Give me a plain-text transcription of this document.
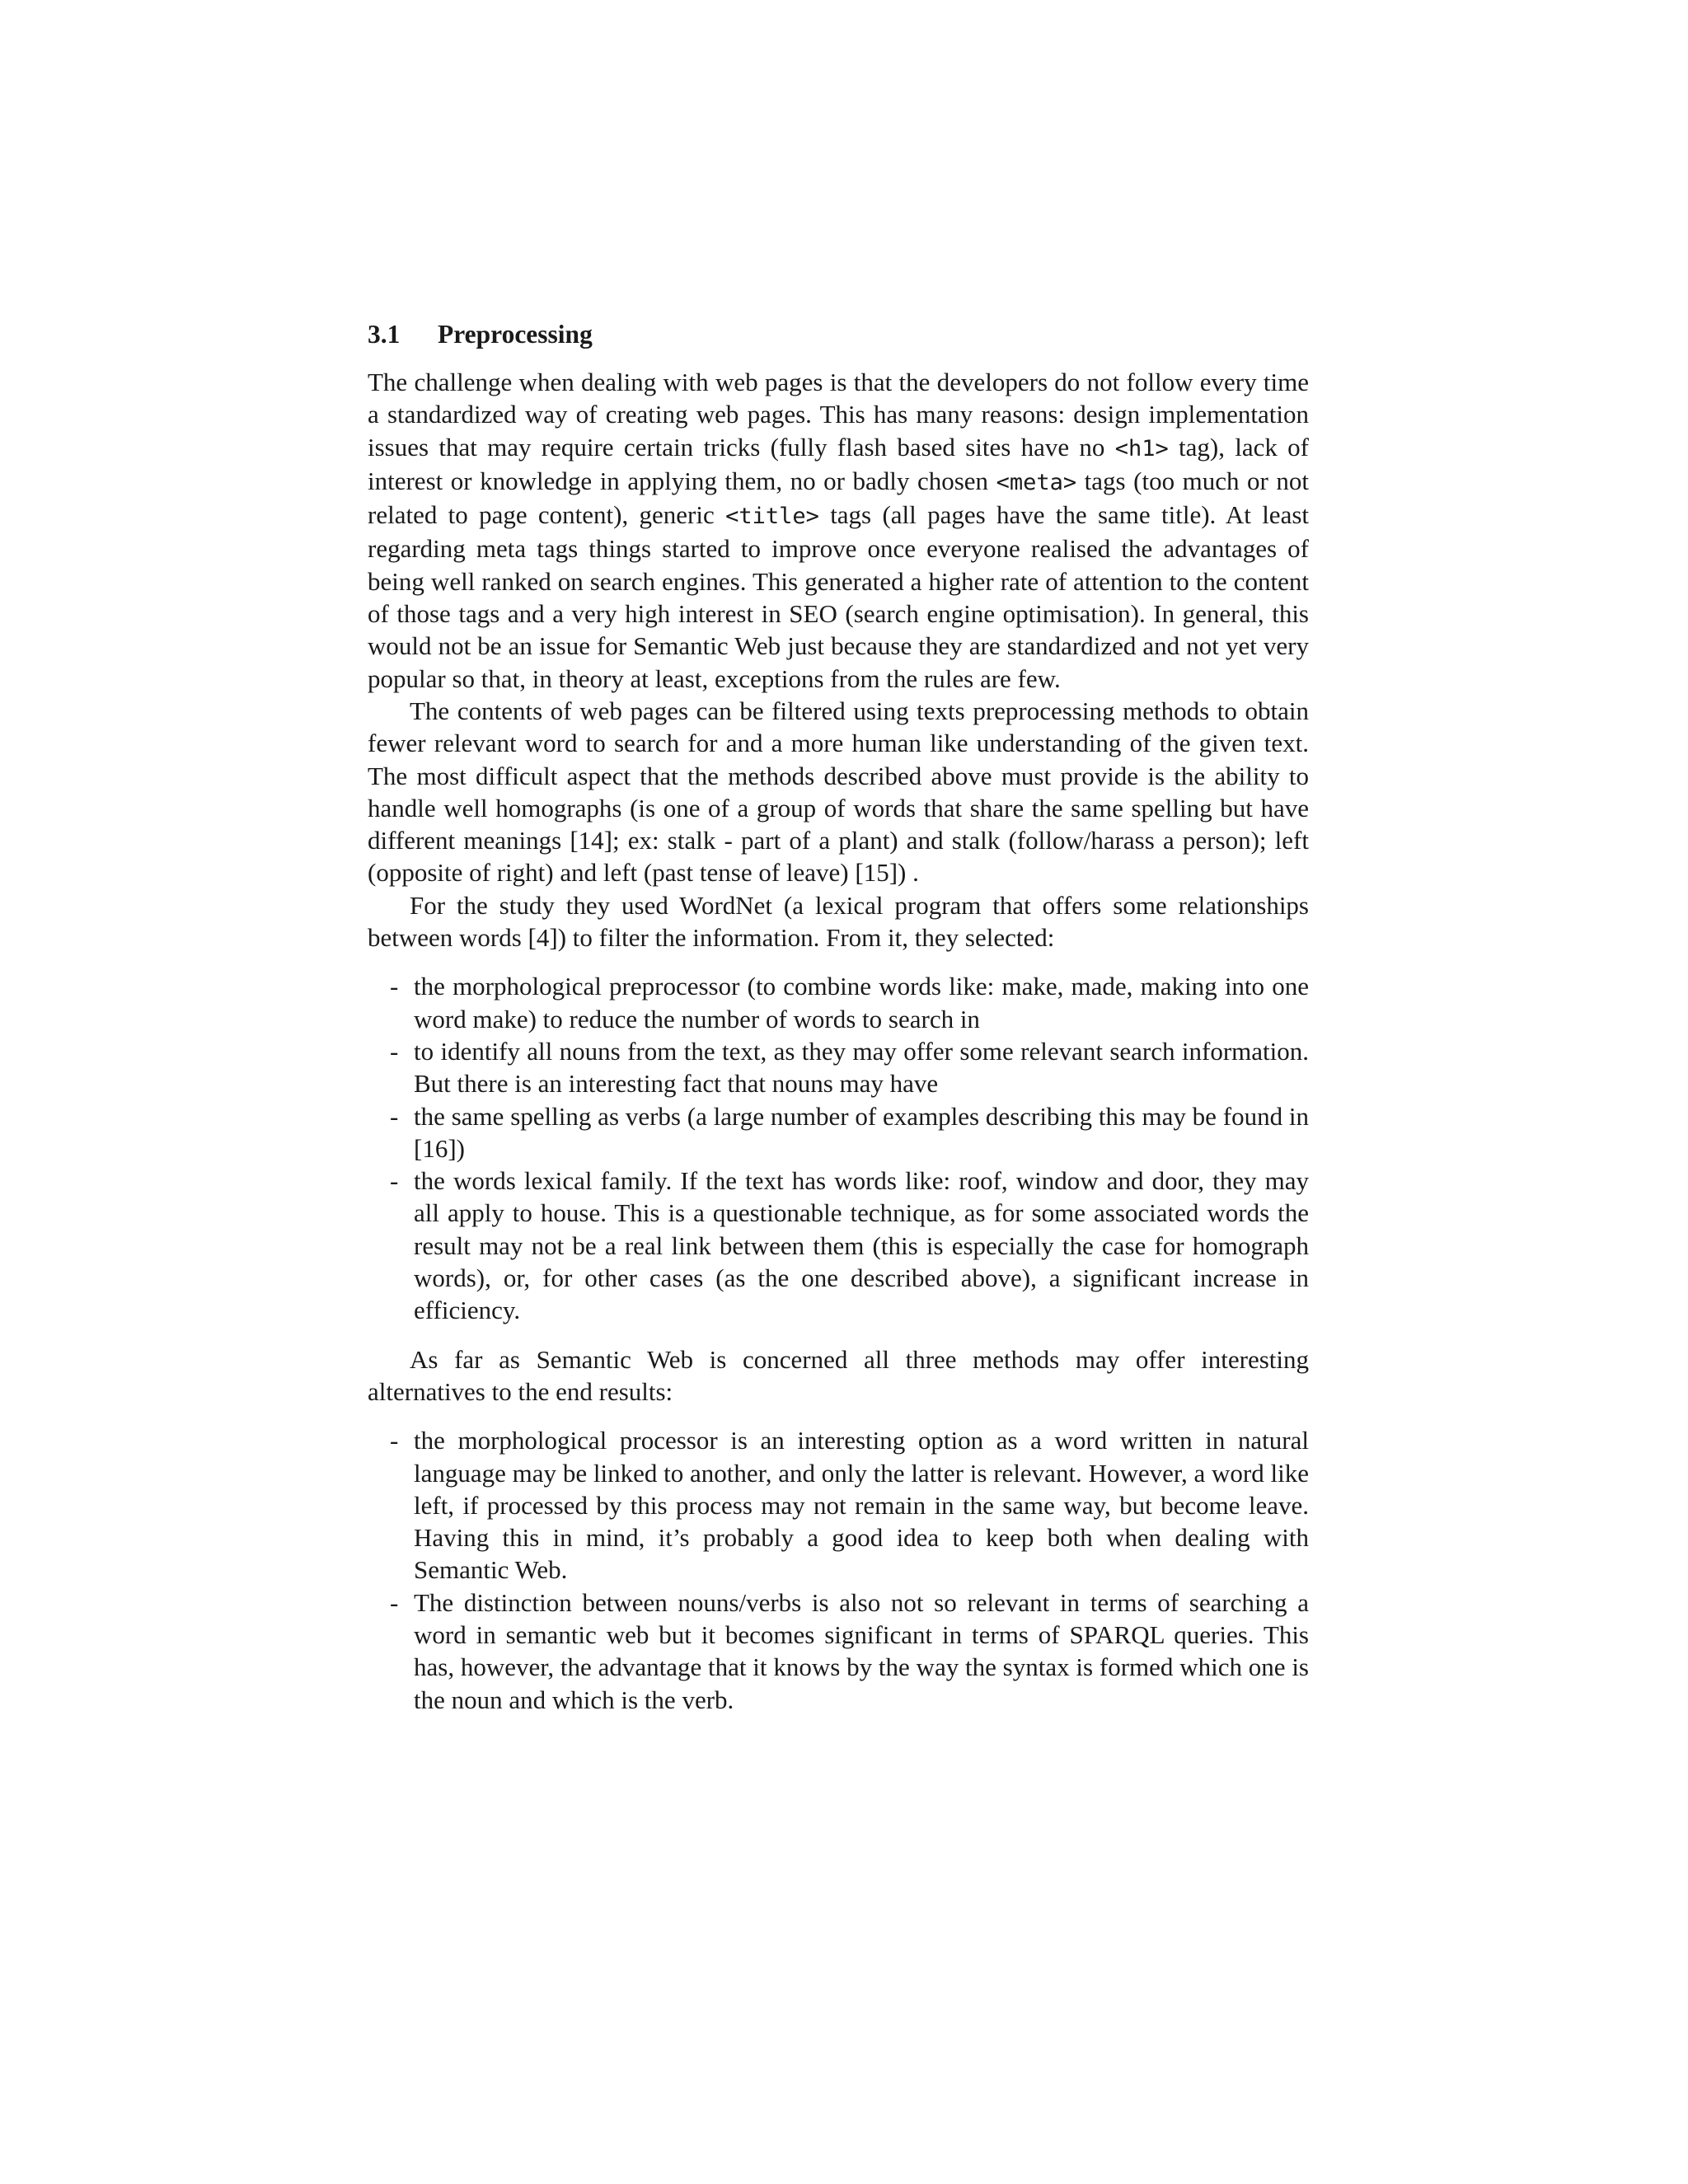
3.1	Preprocessing

The challenge when dealing with web pages is that the developers do not follow every time a standardized way of creating web pages. This has many reasons: design implementation issues that may require certain tricks (fully flash based sites have no <h1> tag), lack of interest or knowledge in applying them, no or badly chosen <meta> tags (too much or not related to page content), generic <title> tags (all pages have the same title). At least regarding meta tags things started to improve once everyone realised the advantages of being well ranked on search engines. This generated a higher rate of attention to the content of those tags and a very high interest in SEO (search engine optimisation). In general, this would not be an issue for Semantic Web just because they are standardized and not yet very popular so that, in theory at least, exceptions from the rules are few.

The contents of web pages can be filtered using texts preprocessing methods to obtain fewer relevant word to search for and a more human like understanding of the given text. The most difficult aspect that the methods described above must provide is the ability to handle well homographs (is one of a group of words that share the same spelling but have different meanings [14]; ex: stalk - part of a plant) and stalk (follow/harass a person); left (opposite of right) and left (past tense of leave) [15]) .

For the study they used WordNet (a lexical program that offers some relationships between words [4]) to filter the information. From it, they selected:

- the morphological preprocessor (to combine words like: make, made, making into one word make) to reduce the number of words to search in
- to identify all nouns from the text, as they may offer some relevant search information. But there is an interesting fact that nouns may have
- the same spelling as verbs (a large number of examples describing this may be found in [16])
- the words lexical family. If the text has words like: roof, window and door, they may all apply to house. This is a questionable technique, as for some associated words the result may not be a real link between them (this is especially the case for homograph words), or, for other cases (as the one described above), a significant increase in efficiency.

As far as Semantic Web is concerned all three methods may offer interesting alternatives to the end results:

- the morphological processor is an interesting option as a word written in natural language may be linked to another, and only the latter is relevant. However, a word like left, if processed by this process may not remain in the same way, but become leave. Having this in mind, it’s probably a good idea to keep both when dealing with Semantic Web.
- The distinction between nouns/verbs is also not so relevant in terms of searching a word in semantic web but it becomes significant in terms of SPARQL queries. This has, however, the advantage that it knows by the way the syntax is formed which one is the noun and which is the verb.
